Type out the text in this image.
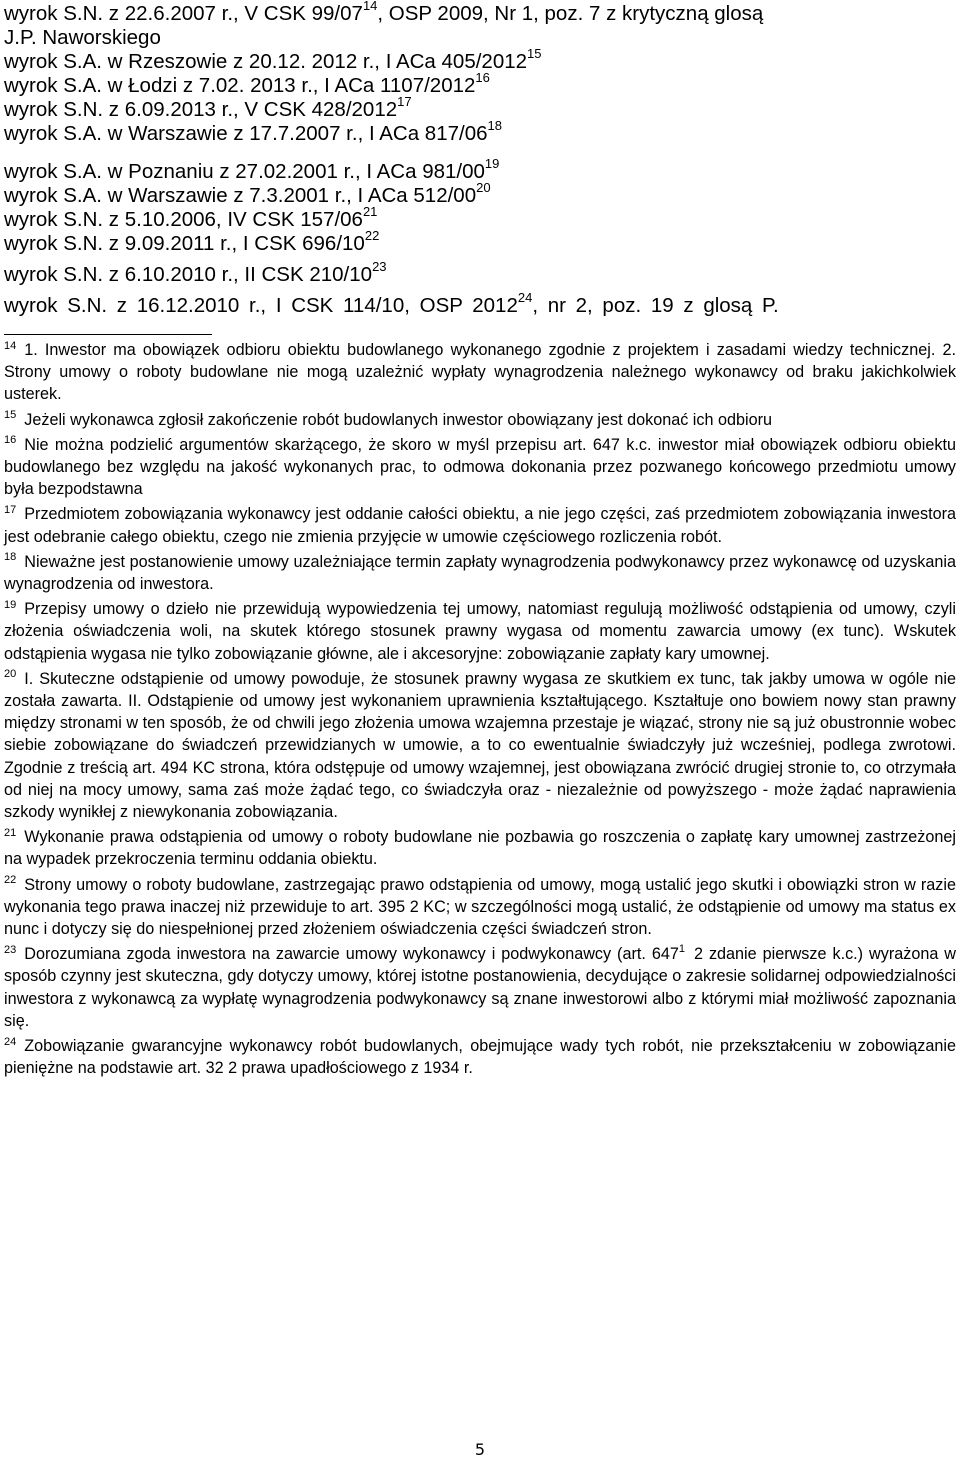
wyrok S.N. z 22.6.2007 r., V CSK $99/07^{14}$, OSP 2009, Nr 1, poz. 7 z krytyczną glosą

J.P. Naworskiego

wyrok S.A. w Rzeszowie z 20.12. 2012 r., I ACa 405/2012$^{15}$

wyrok S.A. w Łodzi z 7.02. 2013 r., I ACa 1107/2012$^{16}$

wyrok S.N. z 6.09.2013 r., V CSK 428/2012$^{17}$

wyrok S.A. w Warszawie z 17.7.2007 r., I ACa $817/06^{18}$

wyrok S.A. w Poznaniu z 27.02.2001 r., I ACa $981/00^{19}$

wyrok S.A. w Warszawie z 7.3.2001 r., I ACa $512/00^{20}$

wyrok S.N. z 5.10.2006, IV CSK $157/06^{21}$

wyrok S.N. z 9.09.2011 r., I CSK $696/10^{22}$

wyrok S.N. z 6.10.2010 r., II CSK $210/10^{23}$

wyrok S.N. z 16.12.2010 r., I CSK 114/10, OSP 2012$^{24}$, nr 2, poz. 19 z glosą P.

$^{14}$ 1. Inwestor ma obowiązek odbioru obiektu budowlanego wykonanego zgodnie z projektem i zasadami wiedzy technicznej. 2. Strony umowy o roboty budowlane nie mogą uzależnić wypłaty wynagrodzenia należnego wykonawcy od braku jakichkolwiek usterek.

$^{15}$ Jeżeli wykonawca zgłosił zakończenie robót budowlanych inwestor obowiązany jest dokonać ich odbioru

$^{16}$ Nie można podzielić argumentów skarżącego, że skoro w myśl przepisu art. 647 k.c. inwestor miał obowiązek odbioru obiektu budowlanego bez względu na jakość wykonanych prac, to odmowa dokonania przez pozwanego końcowego przedmiotu umowy była bezpodstawna

$^{17}$ Przedmiotem zobowiązania wykonawcy jest oddanie całości obiektu, a nie jego części, zaś przedmiotem zobowiązania inwestora jest odebranie całego obiektu, czego nie zmienia przyjęcie w umowie częściowego rozliczenia robót.

$^{18}$ Nieważne jest postanowienie umowy uzależniające termin zapłaty wynagrodzenia podwykonawcy przez wykonawcę od uzyskania wynagrodzenia od inwestora.

$^{19}$ Przepisy umowy o dzieło nie przewidują wypowiedzenia tej umowy, natomiast regulują możliwość odstąpienia od umowy, czyli złożenia oświadczenia woli, na skutek którego stosunek prawny wygasa od momentu zawarcia umowy (ex tunc). Wskutek odstąpienia wygasa nie tylko zobowiązanie główne, ale i akcesoryjne: zobowiązanie zapłaty kary umownej.

$^{20}$ I. Skuteczne odstąpienie od umowy powoduje, że stosunek prawny wygasa ze skutkiem ex tunc, tak jakby umowa w ogóle nie została zawarta. II. Odstąpienie od umowy jest wykonaniem uprawnienia kształtującego. Kształtuje ono bowiem nowy stan prawny między stronami w ten sposób, że od chwili jego złożenia umowa wzajemna przestaje je wiązać, strony nie są już obustronnie wobec siebie zobowiązane do świadczeń przewidzianych w umowie, a to co ewentualnie świadczyły już wcześniej, podlega zwrotowi. Zgodnie z treścią art. 494 KC strona, która odstępuje od umowy wzajemnej, jest obowiązana zwrócić drugiej stronie to, co otrzymała od niej na mocy umowy, sama zaś może żądać tego, co świadczyła oraz - niezależnie od powyższego - może żądać naprawienia szkody wynikłej z niewykonania zobowiązania.

$^{21}$ Wykonanie prawa odstąpienia od umowy o roboty budowlane nie pozbawia go roszczenia o zapłatę kary umownej zastrzeżonej na wypadek przekroczenia terminu oddania obiektu.

$^{22}$ Strony umowy o roboty budowlane, zastrzegając prawo odstąpienia od umowy, mogą ustalić jego skutki i obowiązki stron w razie wykonania tego prawa inaczej niż przewiduje to art. 395 2 KC; w szczególności mogą ustalić, że odstąpienie od umowy ma status ex nunc i dotyczy się do niespełnionej przed złożeniem oświadczenia części świadczeń stron.

$^{23}$ Dorozumiana zgoda inwestora na zawarcie umowy wykonawcy i podwykonawcy (art. $647^1$ 2 zdanie pierwsze k.c.) wyrażona w sposób czynny jest skuteczna, gdy dotyczy umowy, której istotne postanowienia, decydujące o zakresie solidarnej odpowiedzialności inwestora z wykonawcą za wypłatę wynagrodzenia podwykonawcy są znane inwestorowi albo z którymi miał możliwość zapoznania się.

$^{24}$ Zobowiązanie gwarancyjne wykonawcy robót budowlanych, obejmujące wady tych robót, nie przekształceniu w zobowiązanie pieniężne na podstawie art. 32 2 prawa upadłościowego z 1934 r.

5
